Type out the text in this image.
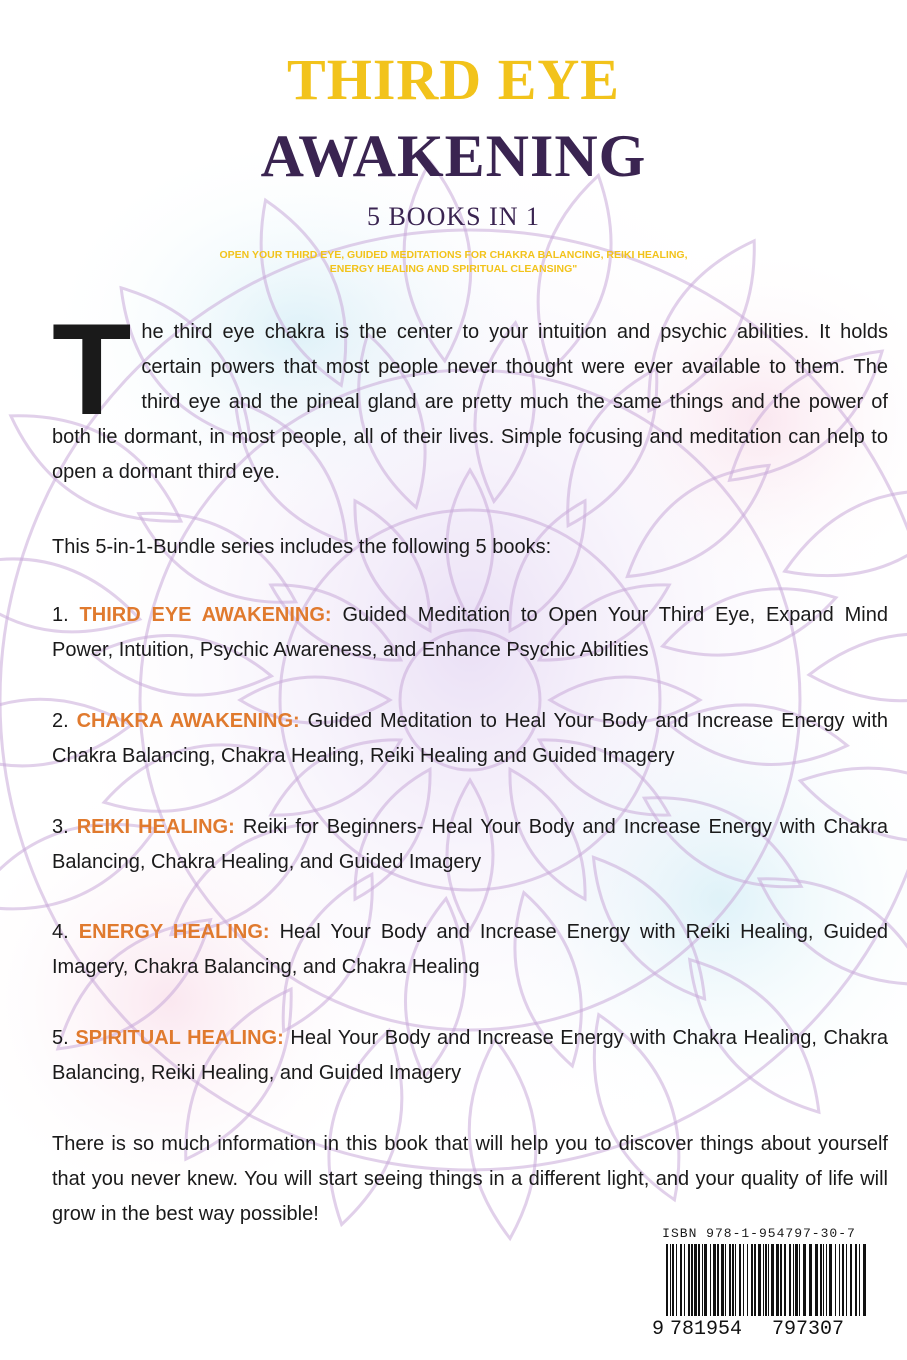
THIRD EYE
AWAKENING
5 BOOKS IN 1
OPEN YOUR THIRD EYE, GUIDED MEDITATIONS FOR CHAKRA BALANCING, REIKI HEALING, ENERGY HEALING AND SPIRITUAL CLEANSING"
T he third eye chakra is the center to your intuition and psychic abilities. It holds certain powers that most people never thought were ever available to them. The third eye and the pineal gland are pretty much the same things and the power of both lie dormant, in most people, all of their lives. Simple focusing and meditation can help to open a dormant third eye.
This 5-in-1-Bundle series includes the following 5 books:
1. THIRD EYE AWAKENING: Guided Meditation to Open Your Third Eye, Expand Mind Power, Intuition, Psychic Awareness, and Enhance Psychic Abilities
2. CHAKRA AWAKENING: Guided Meditation to Heal Your Body and Increase Energy with Chakra Balancing, Chakra Healing, Reiki Healing and Guided Imagery
3. REIKI HEALING: Reiki for Beginners- Heal Your Body and Increase Energy with Chakra Balancing, Chakra Healing, and Guided Imagery
4. ENERGY HEALING: Heal Your Body and Increase Energy with Reiki Healing, Guided Imagery, Chakra Balancing, and Chakra Healing
5. SPIRITUAL HEALING: Heal Your Body and Increase Energy with Chakra Healing, Chakra Balancing, Reiki Healing, and Guided Imagery
There is so much information in this book that will help you to discover things about yourself that you never knew. You will start seeing things in a different light, and your quality of life will grow in the best way possible!
ISBN 978-1-954797-30-7
9 781954 797307
